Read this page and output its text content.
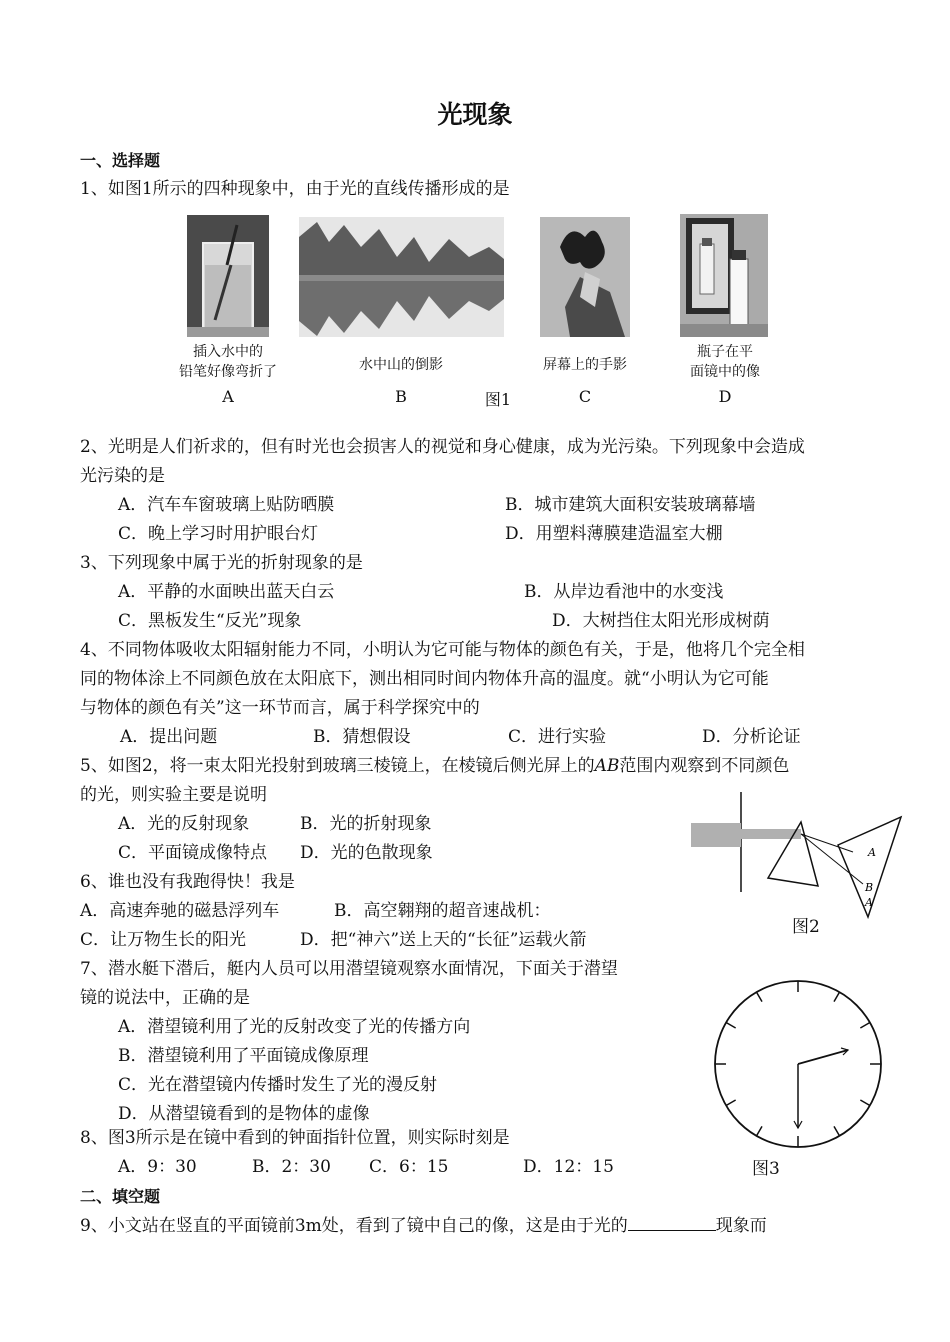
光现象
一、选择题
1、如图1所示的四种现象中，由于光的直线传播形成的是
插入水中的
铅笔好像弯折了
A
水中山的倒影
B	图1
屏幕上的手影
C
瓶子在平
面镜中的像
D
2、光明是人们祈求的，但有时光也会损害人的视觉和身心健康，成为光污染。下列现象中会造成
光污染的是
A．汽车车窗玻璃上贴防晒膜	B．城市建筑大面积安装玻璃幕墙
C．晚上学习时用护眼台灯	D．用塑料薄膜建造温室大棚
3、下列现象中属于光的折射现象的是
A．平静的水面映出蓝天白云	B．从岸边看池中的水变浅
C．黑板发生“反光”现象	D．大树挡住太阳光形成树荫
4、不同物体吸收太阳辐射能力不同，小明认为它可能与物体的颜色有关，于是，他将几个完全相
同的物体涂上不同颜色放在太阳底下，测出相同时间内物体升高的温度。就“小明认为它可能
与物体的颜色有关”这一环节而言，属于科学探究中的
A．提出问题	B．猜想假设	C．进行实验	D．分析论证
5、如图2，将一束太阳光投射到玻璃三棱镜上，在棱镜后侧光屏上的AB范围内观察到不同颜色
的光，则实验主要是说明
A．光的反射现象	B．光的折射现象
C．平面镜成像特点 D．光的色散现象	A
B
A
图2
6、谁也没有我跑得快！我是
A．高速奔驰的磁悬浮列车	B．高空翱翔的超音速战机：
C．让万物生长的阳光	D．把“神六”送上天的“长征”运载火箭
7、潜水艇下潜后，艇内人员可以用潜望镜观察水面情况，下面关于潜望
镜的说法中，正确的是
A．潜望镜利用了光的反射改变了光的传播方向
B．潜望镜利用了平面镜成像原理
C．光在潜望镜内传播时发生了光的漫反射
D．从潜望镜看到的是物体的虚像
图3
8、图3所示是在镜中看到的钟面指针位置，则实际时刻是
A．9：30	B．2：30 C．6：15	D．12：15
二、填空题
9、小文站在竖直的平面镜前3m处，看到了镜中自己的像，这是由于光的	现象而
